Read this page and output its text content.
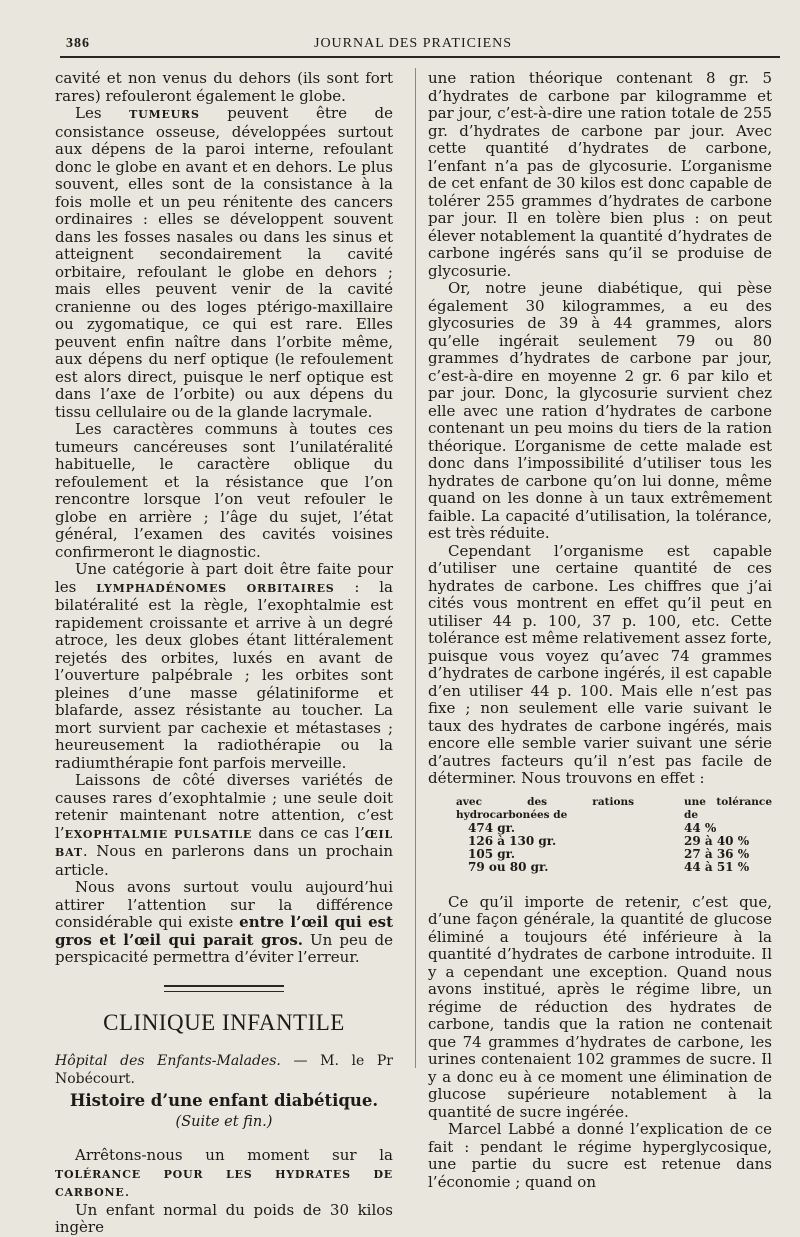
386	JOURNAL DES PRATICIENS

cavité et non venus du dehors (ils sont fort rares) refouleront également le globe.

Les TUMEURS peuvent être de consistance osseuse, développées surtout aux dépens de la paroi interne, refoulant donc le globe en avant et en dehors. Le plus souvent, elles sont de la consistance à la fois molle et un peu rénitente des cancers ordinaires : elles se développent souvent dans les fosses nasales ou dans les sinus et atteignent secondairement la cavité orbitaire, refoulant le globe en dehors ; mais elles peuvent venir de la cavité cranienne ou des loges ptérigo-maxillaire ou zygomatique, ce qui est rare. Elles peuvent enfin naître dans l’orbite même, aux dépens du nerf optique (le refoulement est alors direct, puisque le nerf optique est dans l’axe de l’orbite) ou aux dépens du tissu cellulaire ou de la glande lacrymale.

Les caractères communs à toutes ces tumeurs cancéreuses sont l’unilatéralité habituelle, le caractère oblique du refoulement et la résistance que l’on rencontre lorsque l’on veut refouler le globe en arrière ; l’âge du sujet, l’état général, l’examen des cavités voisines confirmeront le diagnostic.

Une catégorie à part doit être faite pour les LYMPHADÉNOMES ORBITAIRES : la bilatéralité est la règle, l’exophtalmie est rapidement croissante et arrive à un degré atroce, les deux globes étant littéralement rejetés des orbites, luxés en avant de l’ouverture palpébrale ; les orbites sont pleines d’une masse gélatiniforme et blafarde, assez résistante au toucher. La mort survient par cachexie et métastases ; heureusement la radiothérapie ou la radiumthérapie font parfois merveille.

Laissons de côté diverses variétés de causes rares d’exophtalmie ; une seule doit retenir maintenant notre attention, c’est l’EXOPHTALMIE PULSATILE dans ce cas l’ŒIL BAT. Nous en parlerons dans un prochain article.

Nous avons surtout voulu aujourd’hui attirer l’attention sur la différence considérable qui existe entre l’œil qui est gros et l’œil qui parait gros. Un peu de perspicacité permettra d’éviter l’erreur.

CLINIQUE INFANTILE
Hôpital des Enfants-Malades. — M. le Pr Nobécourt.
Histoire d’une enfant diabétique.
(Suite et fin.)

Arrêtons-nous un moment sur la TOLÉRANCE POUR LES HYDRATES DE CARBONE.

Un enfant normal du poids de 30 kilos ingère

une ration théorique contenant 8 gr. 5 d’hydrates de carbone par kilogramme et par jour, c’est-à-dire une ration totale de 255 gr. d’hydrates de carbone par jour. Avec cette quantité d’hydrates de carbone, l’enfant n’a pas de glycosurie. L’organisme de cet enfant de 30 kilos est donc capable de tolérer 255 grammes d’hydrates de carbone par jour. Il en tolère bien plus : on peut élever notablement la quantité d’hydrates de carbone ingérés sans qu’il se produise de glycosurie.

Or, notre jeune diabétique, qui pèse également 30 kilogrammes, a eu des glycosuries de 39 à 44 grammes, alors qu’elle ingérait seulement 79 ou 80 grammes d’hydrates de carbone par jour, c’est-à-dire en moyenne 2 gr. 6 par kilo et par jour. Donc, la glycosurie survient chez elle avec une ration d’hydrates de carbone contenant un peu moins du tiers de la ration théorique. L’organisme de cette malade est donc dans l’impossibilité d’utiliser tous les hydrates de carbone qu’on lui donne, même quand on les donne à un taux extrêmement faible. La capacité d’utilisation, la tolérance, est très réduite.

Cependant l’organisme est capable d’utiliser une certaine quantité de ces hydrates de carbone. Les chiffres que j’ai cités vous montrent en effet qu’il peut en utiliser 44 p. 100, 37 p. 100, etc. Cette tolérance est même relativement assez forte, puisque vous voyez qu’avec 74 grammes d’hydrates de carbone ingérés, il est capable d’en utiliser 44 p. 100. Mais elle n’est pas fixe ; non seulement elle varie suivant le taux des hydrates de carbone ingérés, mais encore elle semble varier suivant une série d’autres facteurs qu’il n’est pas facile de déterminer. Nous trouvons en effet :

avec des rations hydrocarbonées de
une tolérance de
474 gr.	44 %
126 à 130 gr.	29 à 40 %
105 gr.	27 à 36 %
79 ou 80 gr.	44 à 51 %

Ce qu’il importe de retenir, c’est que, d’une façon générale, la quantité de glucose éliminé a toujours été inférieure à la quantité d’hydrates de carbone introduite. Il y a cependant une exception. Quand nous avons institué, après le régime libre, un régime de réduction des hydrates de carbone, tandis que la ration ne contenait que 74 grammes d’hydrates de carbone, les urines contenaient 102 grammes de sucre. Il y a donc eu à ce moment une élimination de glucose supérieure notablement à la quantité de sucre ingérée.

Marcel Labbé a donné l’explication de ce fait : pendant le régime hyperglycosique, une partie du sucre est retenue dans l’économie ; quand on
